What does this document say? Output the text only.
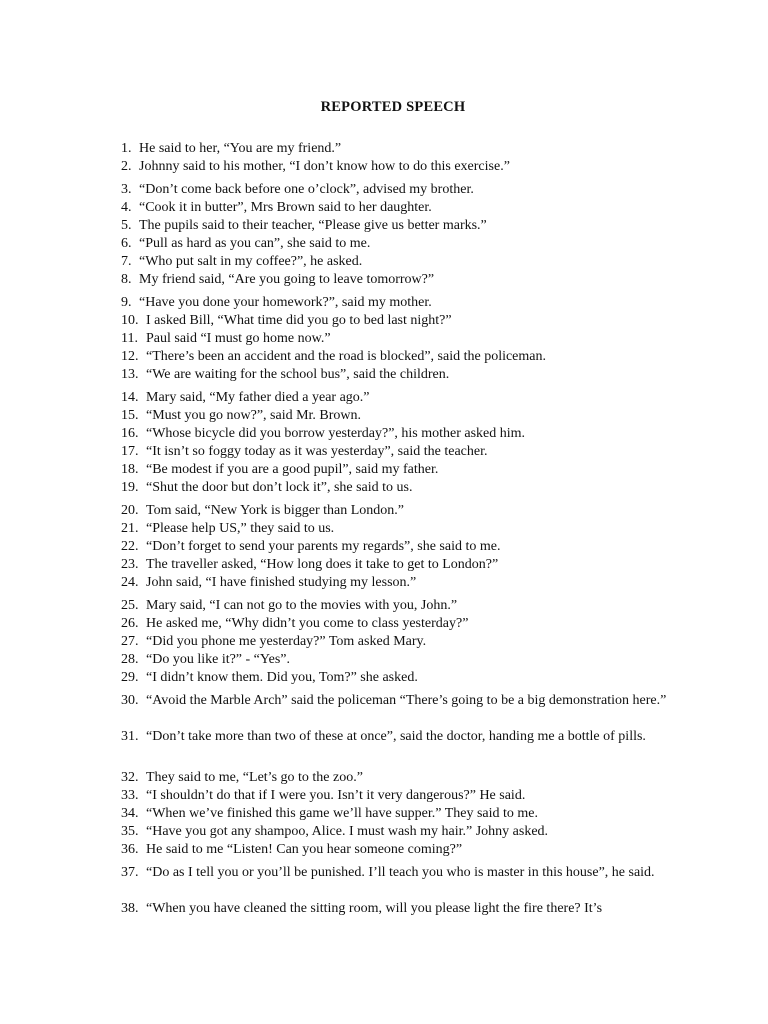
REPORTED SPEECH
1. He said to her, “You are my friend.”
2. Johnny said to his mother, “I don’t know how to do this exercise.”
3. “Don’t come back before one o’clock”, advised my brother.
4. “Cook it in butter”, Mrs Brown said to her daughter.
5. The pupils said to their teacher, “Please give us better marks.”
6. “Pull as hard as you can”, she said to me.
7. “Who put salt in my coffee?”, he asked.
8. My friend said, “Are you going to leave tomorrow?”
9. “Have you done your homework?”, said my mother.
10. I asked Bill, “What time did you go to bed last night?”
11. Paul said “I must go home now.”
12. “There’s been an accident and the road is blocked”, said the policeman.
13. “We are waiting for the school bus”, said the children.
14. Mary said, “My father died a year ago.”
15. “Must you go now?”, said Mr. Brown.
16. “Whose bicycle did you borrow yesterday?”, his mother asked him.
17. “It isn’t so foggy today as it was yesterday”, said the teacher.
18. “Be modest if you are a good pupil”, said my father.
19. “Shut the door but don’t lock it”, she said to us.
20. Tom said, “New York is bigger than London.”
21. “Please help US,” they said to us.
22. “Don’t forget to send your parents my regards”, she said to me.
23. The traveller asked, “How long does it take to get to London?”
24. John said, “I have finished studying my lesson.”
25. Mary said, “I can not go to the movies with you, John.”
26. He asked me, “Why didn’t you come to class yesterday?”
27. “Did you phone me yesterday?” Tom asked Mary.
28. “Do you like it?” - “Yes”.
29. “I didn’t know them. Did you, Tom?” she asked.
30. “Avoid the Marble Arch” said the policeman “There’s going to be a big demonstration here.”
31. “Don’t take more than two of these at once”, said the doctor, handing me a bottle of pills.
32. They said to me, “Let’s go to the zoo.”
33. “I shouldn’t do that if I were you. Isn’t it very dangerous?” He said.
34. “When we’ve finished this game we’ll have supper.” They said to me.
35. “Have you got any shampoo, Alice. I must wash my hair.” Johny asked.
36. He said to me “Listen! Can you hear someone coming?”
37. “Do as I tell you or you’ll be punished. I’ll teach you who is master in this house”, he said.
38. “When you have cleaned the sitting room, will you please light the fire there? It’s
